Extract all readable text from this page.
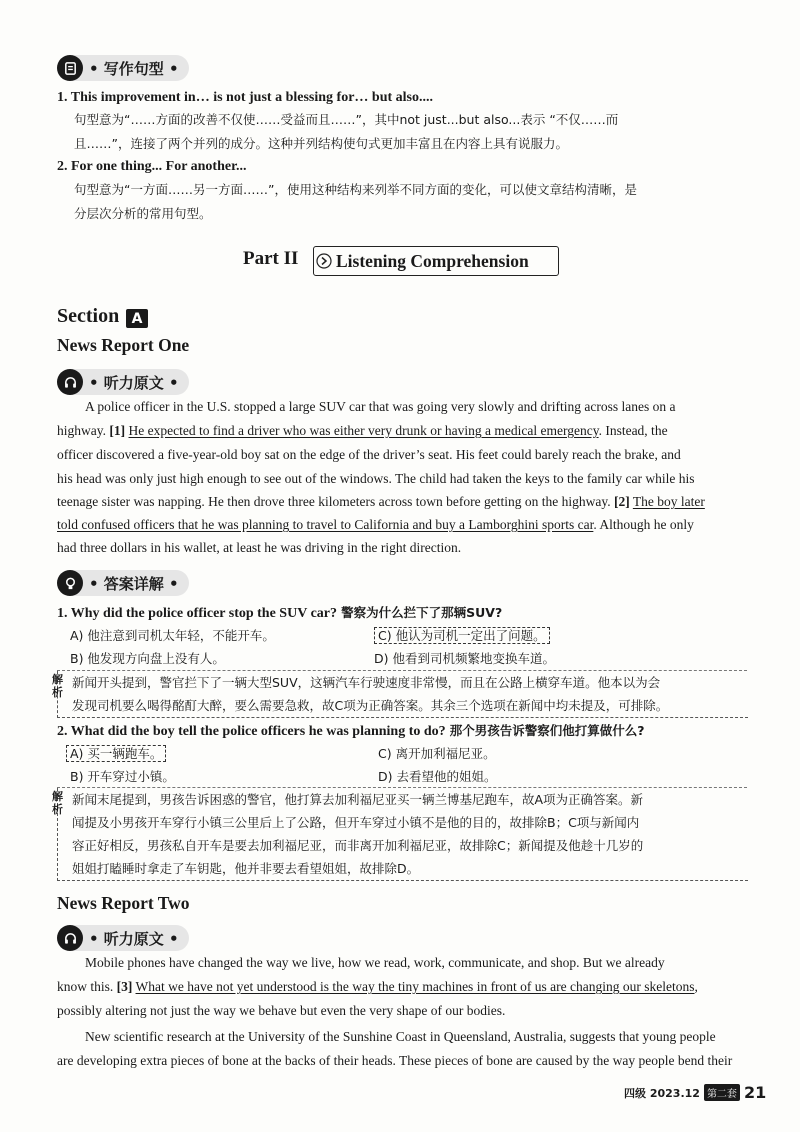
• 写作句型 •
1. This improvement in… is not just a blessing for… but also....
句型意为“……方面的改善不仅使……受益而且……”，其中not just...but also...表示 “不仅……而
且……”，连接了两个并列的成分。这种并列结构使句式更加丰富且在内容上具有说服力。
2. For one thing... For another...
句型意为“一方面……另一方面……”，使用这种结构来列举不同方面的变化，可以使文章结构清晰，是
分层次分析的常用句型。
Part II Listening Comprehension
Section A
News Report One
• 听力原文 •
A police officer in the U.S. stopped a large SUV car that was going very slowly and drifting across lanes on a
highway. [1] He expected to find a driver who was either very drunk or having a medical emergency. Instead, the
officer discovered a five-year-old boy sat on the edge of the driver’s seat. His feet could barely reach the brake, and
his head was only just high enough to see out of the windows. The child had taken the keys to the family car while his
teenage sister was napping. He then drove three kilometers across town before getting on the highway. [2] The boy later
told confused officers that he was planning to travel to California and buy a Lamborghini sports car. Although he only
had three dollars in his wallet, at least he was driving in the right direction.
• 答案详解 •
1. Why did the police officer stop the SUV car? 警察为什么拦下了那辆SUV?
A) 他注意到司机太年轻，不能开车。	C) 他认为司机一定出了问题。
B) 他发现方向盘上没有人。	D) 他看到司机频繁地变换车道。
解析
新闻开头提到，警官拦下了一辆大型SUV，这辆汽车行驶速度非常慢，而且在公路上横穿车道。他本以为会
发现司机要么喝得酩酊大醉，要么需要急救，故C项为正确答案。其余三个选项在新闻中均未提及，可排除。
2. What did the boy tell the police officers he was planning to do? 那个男孩告诉警察们他打算做什么?
A) 买一辆跑车。	C) 离开加利福尼亚。
B) 开车穿过小镇。	D) 去看望他的姐姐。
解析
新闻末尾提到，男孩告诉困惑的警官，他打算去加利福尼亚买一辆兰博基尼跑车，故A项为正确答案。新
闻提及小男孩开车穿行小镇三公里后上了公路，但开车穿过小镇不是他的目的，故排除B；C项与新闻内
容正好相反，男孩私自开车是要去加利福尼亚，而非离开加利福尼亚，故排除C；新闻提及他趁十几岁的
姐姐打瞌睡时拿走了车钥匙，他并非要去看望姐姐，故排除D。
News Report Two
• 听力原文 •
Mobile phones have changed the way we live, how we read, work, communicate, and shop. But we already
know this. [3] What we have not yet understood is the way the tiny machines in front of us are changing our skeletons,
possibly altering not just the way we behave but even the very shape of our bodies.
New scientific research at the University of the Sunshine Coast in Queensland, Australia, suggests that young people
are developing extra pieces of bone at the backs of their heads. These pieces of bone are caused by the way people bend their
四级 2023.12 第二套 21
